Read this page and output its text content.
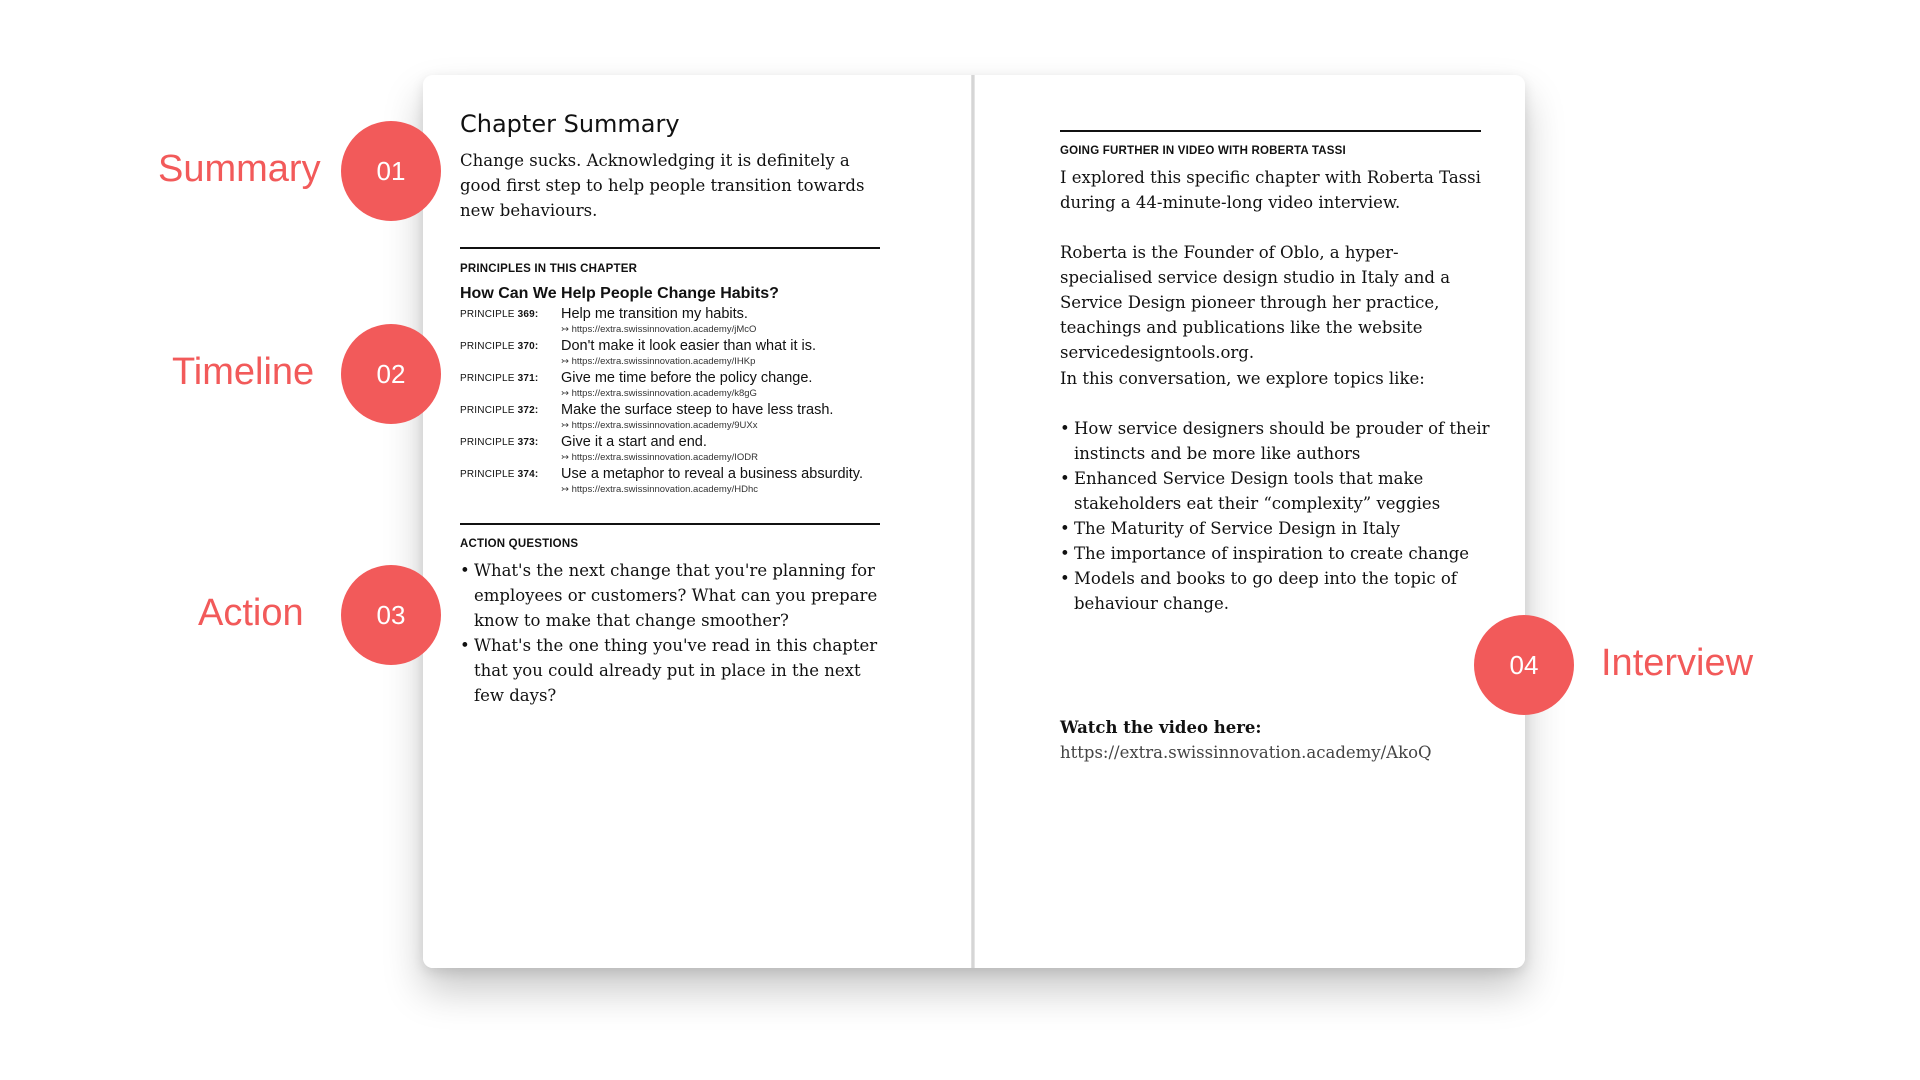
Summary	01
Timeline	02
Action	03
Interview
04
Chapter Summary
Change sucks. Acknowledging it is definitely a good first step to help people transition towards new behaviours.
PRINCIPLES IN THIS CHAPTER
How Can We Help People Change Habits?
PRINCIPLE 369: Help me transition my habits.
↣ https://extra.swissinnovation.academy/jMcO
PRINCIPLE 370: Don't make it look easier than what it is.
↣ https://extra.swissinnovation.academy/IHKp
PRINCIPLE 371: Give me time before the policy change.
↣ https://extra.swissinnovation.academy/k8gG
PRINCIPLE 372: Make the surface steep to have less trash.
↣ https://extra.swissinnovation.academy/9UXx
PRINCIPLE 373: Give it a start and end.
↣ https://extra.swissinnovation.academy/IODR
PRINCIPLE 374: Use a metaphor to reveal a business absurdity.
↣ https://extra.swissinnovation.academy/HDhc
ACTION QUESTIONS
• What's the next change that you're planning for employees or customers? What can you prepare know to make that change smoother?
• What's the one thing you've read in this chapter that you could already put in place in the next few days?
GOING FURTHER IN VIDEO WITH ROBERTA TASSI
I explored this specific chapter with Roberta Tassi during a 44-minute-long video interview.
Roberta is the Founder of Oblo, a hyper-specialised service design studio in Italy and a Service Design pioneer through her practice, teachings and publications like the website servicedesigntools.org.
In this conversation, we explore topics like:
• How service designers should be prouder of their instincts and be more like authors
• Enhanced Service Design tools that make stakeholders eat their “complexity” veggies
• The Maturity of Service Design in Italy
• The importance of inspiration to create change
• Models and books to go deep into the topic of behaviour change.
Watch the video here:
https://extra.swissinnovation.academy/AkoQ
